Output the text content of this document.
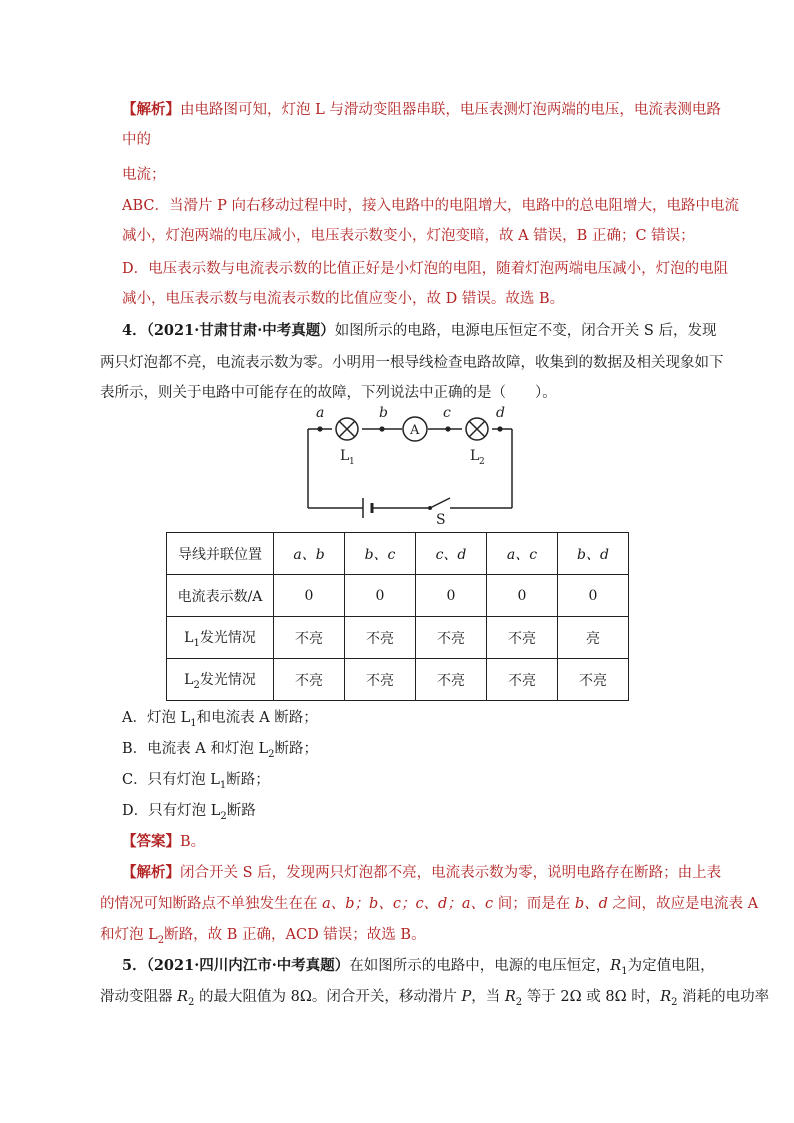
【解析】由电路图可知，灯泡 L 与滑动变阻器串联，电压表测灯泡两端的电压，电流表测电路
中的
电流；
ABC．当滑片 P 向右移动过程中时，接入电路中的电阻增大，电路中的总电阻增大，电路中电流
减小，灯泡两端的电压减小，电压表示数变小，灯泡变暗，故 A 错误，B 正确；C 错误；
D．电压表示数与电流表示数的比值正好是小灯泡的电阻，随着灯泡两端电压减小，灯泡的电阻
减小，电压表示数与电流表示数的比值应变小，故 D 错误。故选 B。
4．（2021·甘肃甘肃·中考真题）如图所示的电路，电源电压恒定不变，闭合开关 S 后，发现
两只灯泡都不亮，电流表示数为零。小明用一根导线检查电路故障，收集到的数据及相关现象如下
表所示，则关于电路中可能存在的故障，下列说法中正确的是（　　）。
a	b	c	d
A
L 1	L 2
S
导线并联位置	a、b	b、c	c、d	a、c	b、d
电流表示数/A	0	0	0	0	0
$L_1$发光情况	不亮	不亮	不亮	不亮	亮
$L_2$发光情况	不亮	不亮	不亮	不亮	不亮
A．灯泡 $L_1$和电流表 A 断路；
B．电流表 A 和灯泡 $L_2$断路；
C．只有灯泡 $L_1$断路；
D．只有灯泡 $L_2$断路
【答案】B。
【解析】闭合开关 S 后，发现两只灯泡都不亮，电流表示数为零，说明电路存在断路；由上表
的情况可知断路点不单独发生在在 a、b；b、c；c、d；a、c 间；而是在 b、d 之间，故应是电流表 A
和灯泡 $L_2$断路，故 B 正确，ACD 错误；故选 B。
5．（2021·四川内江市·中考真题）在如图所示的电路中，电源的电压恒定，$R_1$为定值电阻，
滑动变阻器 $R_2$ 的最大阻值为 8Ω。闭合开关，移动滑片 P，当 $R_2$ 等于 2Ω 或 8Ω 时，$R_2$ 消耗的电功率
